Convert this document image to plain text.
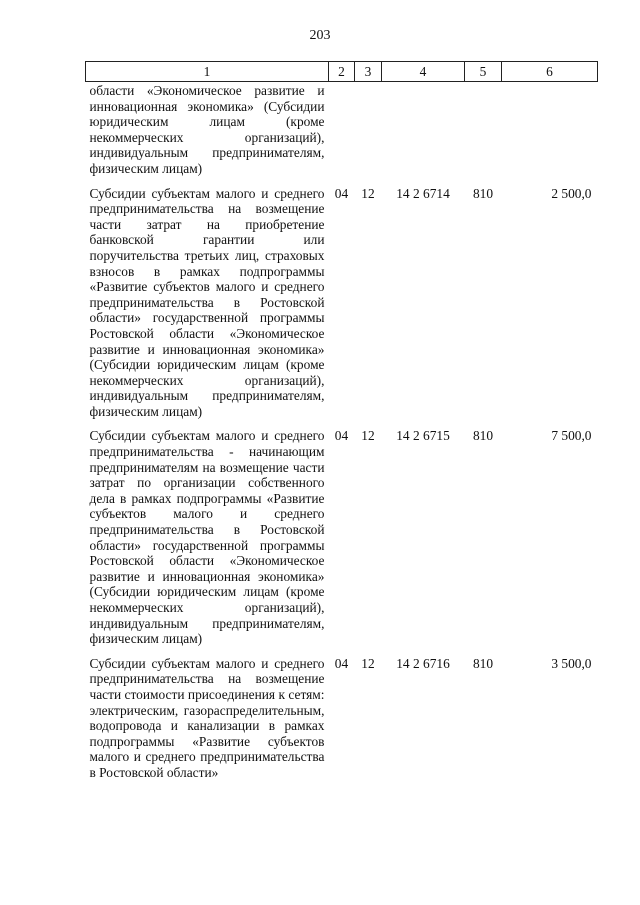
203
1	2	3	4	5	6
области «Экономическое развитие и инновационная экономика» (Субсидии юридическим лицам (кроме некоммерческих организаций), индивидуальным предпринимателям, физическим лицам)					
Субсидии субъектам малого и среднего предпринимательства на возмещение части затрат на приобретение банковской гарантии или поручительства третьих лиц, страховых взносов в рамках подпрограммы «Развитие субъектов малого и среднего предпринимательства в Ростовской области» государственной программы Ростовской области «Экономическое развитие и инновационная экономика» (Субсидии юридическим лицам (кроме некоммерческих организаций), индивидуальным предпринимателям, физическим лицам)	04	12	14 2 6714	810	2 500,0
Субсидии субъектам малого и среднего предпринимательства - начинающим предпринимателям на возмещение части затрат по организации собственного дела в рамках подпрограммы «Развитие субъектов малого и среднего предпринимательства в Ростовской области» государственной программы Ростовской области «Экономическое развитие и инновационная экономика» (Субсидии юридическим лицам (кроме некоммерческих организаций), индивидуальным предпринимателям, физическим лицам)	04	12	14 2 6715	810	7 500,0
Субсидии субъектам малого и среднего предпринимательства на возмещение части стоимости присоединения к сетям: электрическим, газораспределительным, водопровода и канализации в рамках подпрограммы «Развитие субъектов малого и среднего предпринимательства в Ростовской области»	04	12	14 2 6716	810	3 500,0
